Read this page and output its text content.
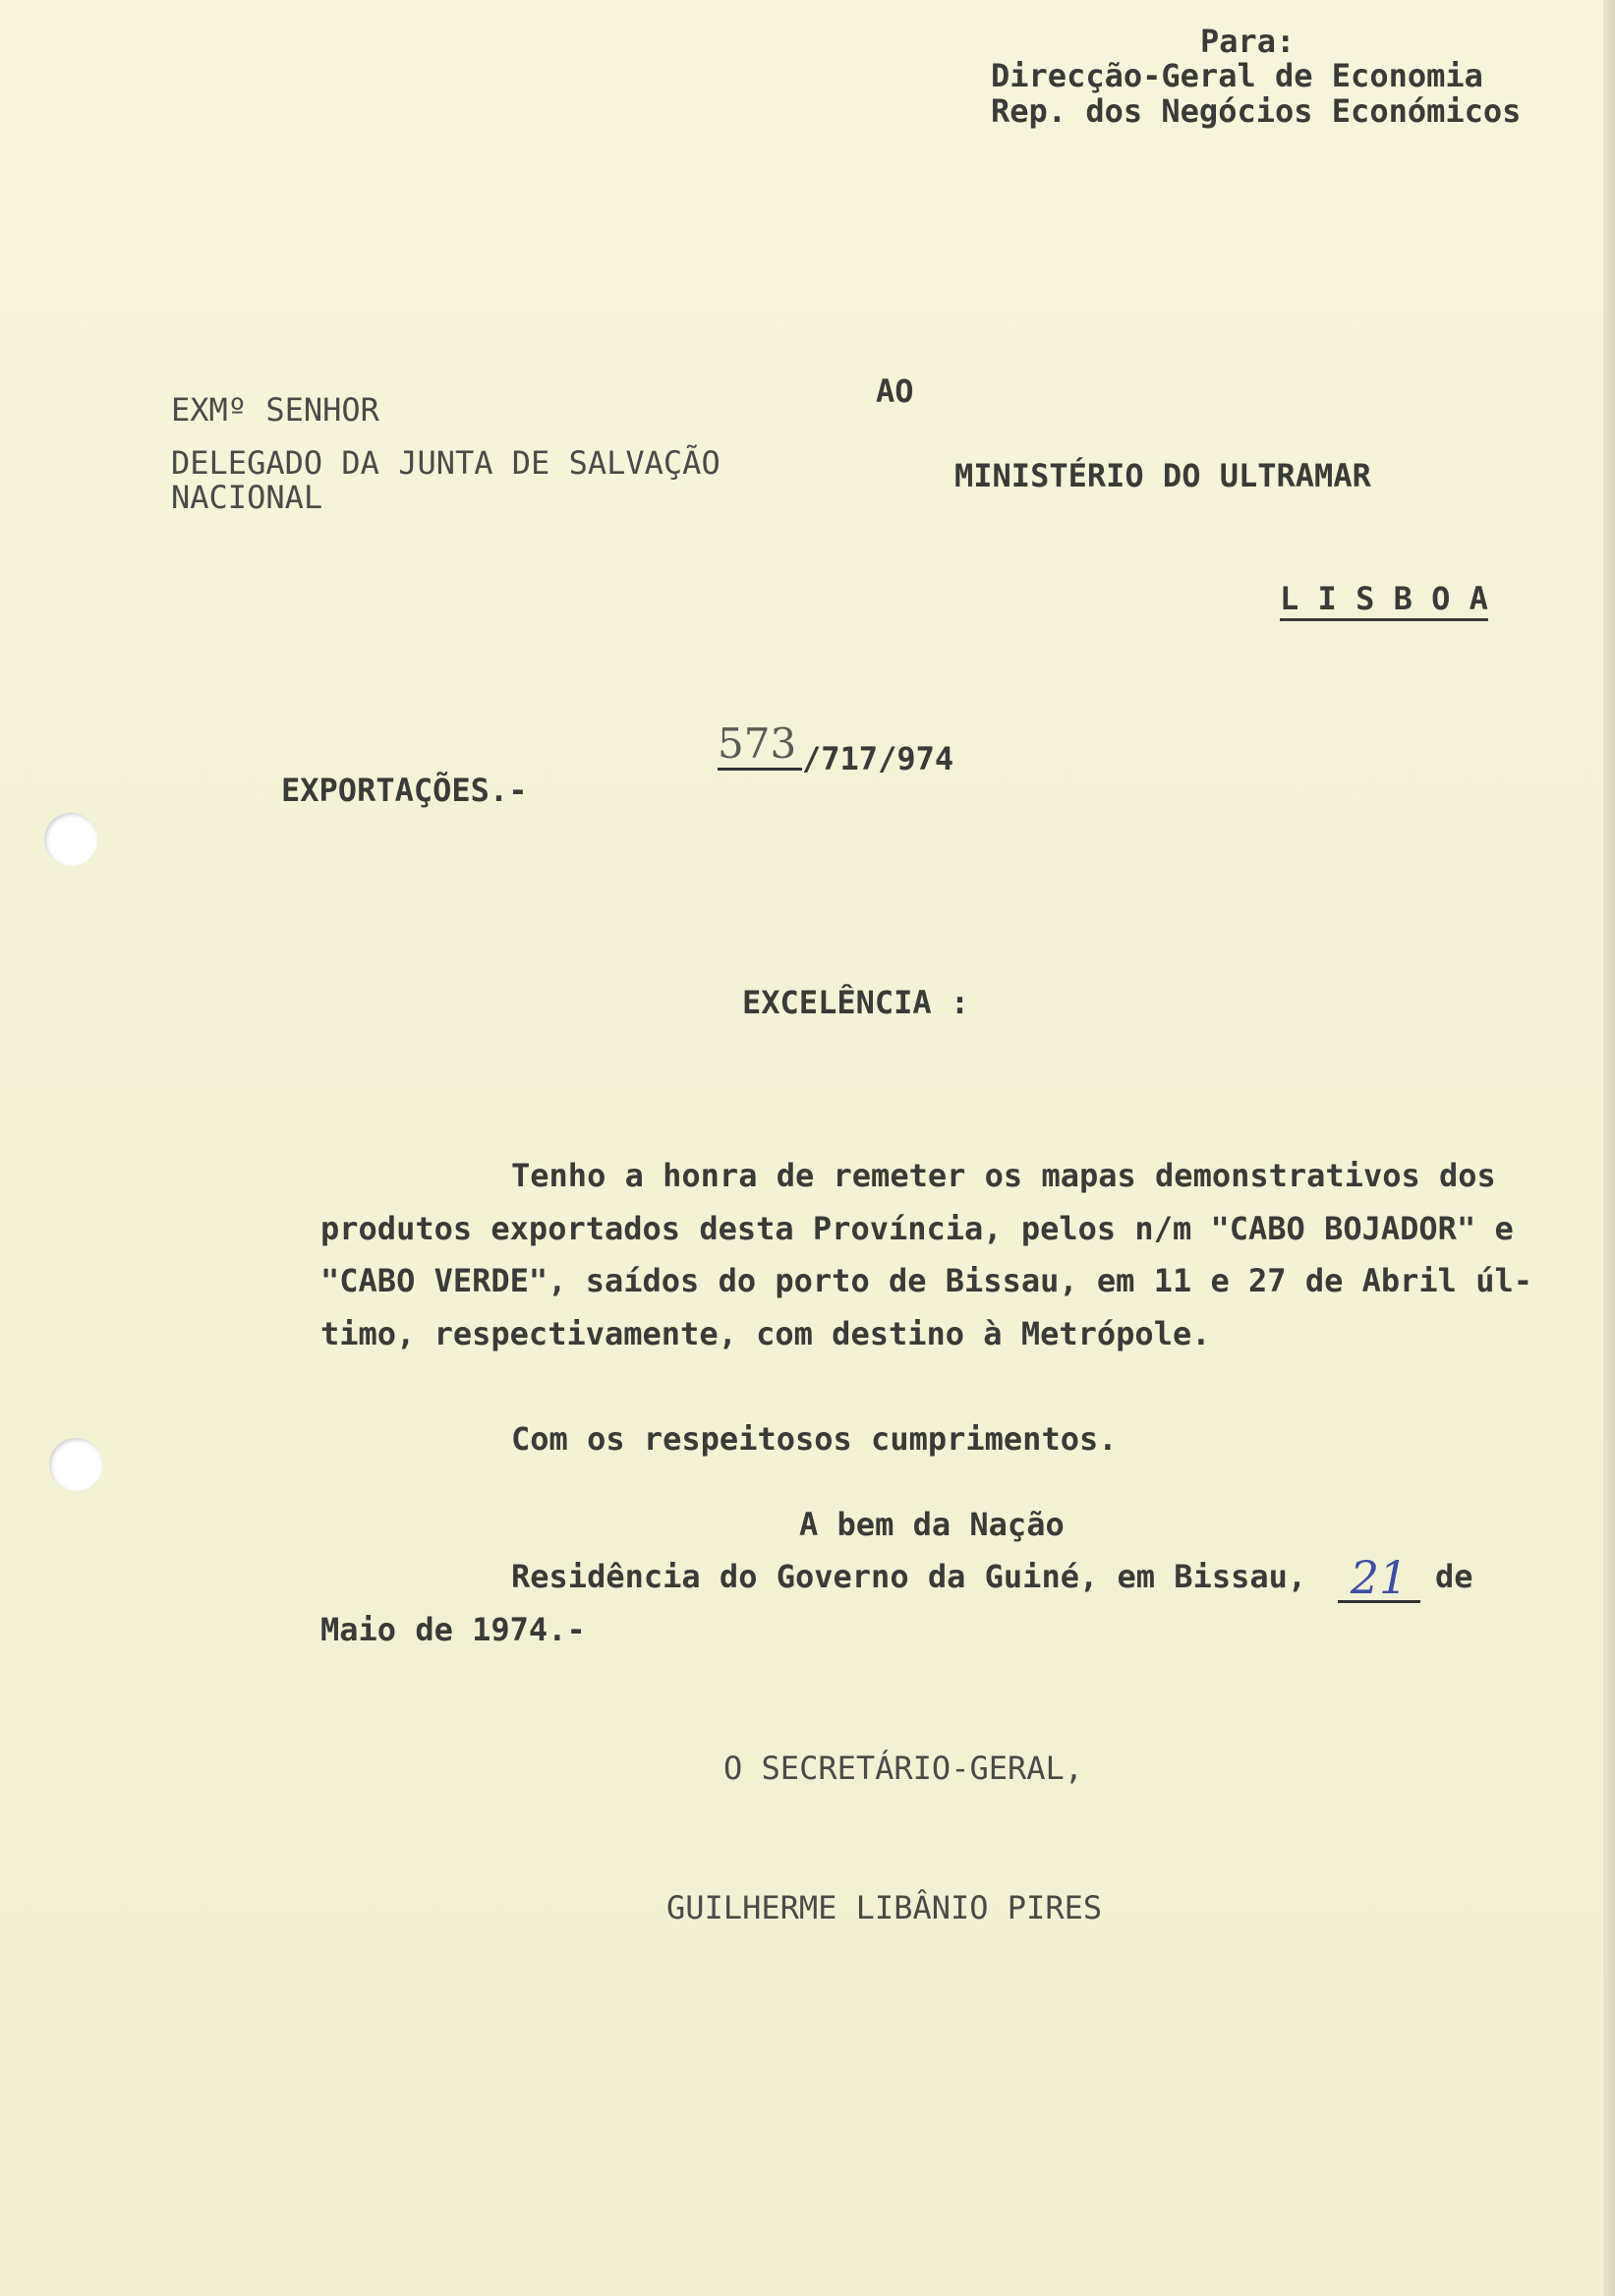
Para:
Direcção-Geral de Economia
Rep. dos Negócios Económicos
AO
EXMº SENHOR
DELEGADO DA JUNTA DE SALVAÇÃO
NACIONAL
MINISTÉRIO DO ULTRAMAR
L I S B O A
573 /717/974
EXPORTAÇÕES.-
EXCELÊNCIA :
Tenho a honra de remeter os mapas demonstrativos dos
produtos exportados desta Província, pelos n/m "CABO BOJADOR" e
"CABO VERDE", saídos do porto de Bissau, em 11 e 27 de Abril úl-
timo, respectivamente, com destino à Metrópole.
Com os respeitosos cumprimentos.
A bem da Nação
Residência do Governo da Guiné, em Bissau, 21 de
Maio de 1974.-
O SECRETÁRIO-GERAL,
GUILHERME LIBÂNIO PIRES
